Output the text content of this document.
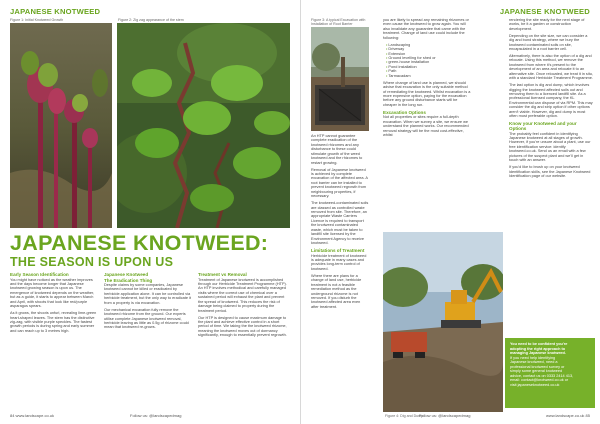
JAPANESE KNOTWEED
Figure 1: Initial Knotweed Growth	Figure 2: Zig zag appearance of the stem
JAPANESE KNOTWEED:
THE SEASON IS UPON US
Early Season Identification

You might have noticed as the weather improves and the days become longer that Japanese knotweed growing season is upon us. The emergence of knotweed depends on the weather, but as a guide, it starts to appear between March and April, with shoots that look like red/purple asparagus spears.

As it grows, the shoots unfurl, revealing lime-green heart-shaped leaves. The stem has the distinctive zig-zag, with visible purple speckles. The fastest growth periods is during spring and early summer and can reach up to 3 metres high.

Japanese Knotweed
The Eradication Thing

Despite claims by some companies, Japanese knotweed cannot be killed or eradicated by herbicide application alone. It can be controlled via herbicide treatment, but the only way to eradicate it from a property is via excavation.

Our mechanical excavation fully remove the knotweed rhizome from the ground. Our experts utilise complete Japanese knotweed removal, herbicide leaving as little as 0.5g of rhizome could mean that knotweed re-grows.

Treatment vs Removal

Treatment of Japanese knotweed is accomplished through our Herbicide Treatment Programme (HTP). An HTP involves methodical and carefully managed visits where the correct use of chemical over a sustained period will exhaust the plant and prevent the spread of knotweed. This reduces the risk of damage being claimed to property during the treatment period.

Our HTP is designed to cause maximum damage to the plant and achieve effective control in a short period of time. We taking the the knotweed rhizome, meaning the knotweed moves out of dormancy significantly, enough to essentially prevent regrowth.

84 www.landscape.co.uk	Follow us: @landscapedmag
JAPANESE KNOTWEED
Figure 3: A typical Excavation with Installation of Root Barrier

An HTP cannot guarantee complete eradication of the knotweed rhizomes and any disturbance to these could stimulate growth of the weed knotweed and the rhizomes to restart growing.

Removal of Japanese knotweed is achieved by complete excavation of the affected area. A root barrier can be installed to prevent knotweed regrowth from neighbouring properties, if necessary.

The knotweed-contaminated soils are classed as controlled waste removed from site. Therefore, an appropriate Waste Carriers Licence is required to transport the knotweed contaminated waste, which must be taken to landfill site licensed by the Environment Agency to receive knotweed.

Limitations of Treatment

Herbicide treatment of knotweed is adequate in many cases and provides long-term control of knotweed.

Where there are plans for a change of land use, herbicide treatment is not a feasible remediation method as the underground rhizome is not removed. If you disturb the knotweed affected area even after treatment.

you are likely to spread any remaining rhizomes or even cause the knotweed to grow again. You will also invalidate any guarantee that came with the treatment. Change of land use could include the following:

• Landscaping
• Driveway
• Extension
• Ground levelling for shed or
• green-house installation
• Pond installation
• Path
• Tarmacadam

Where change of land use is planned, we should advise that excavation is the only suitable method of remediating the knotweed. Whilst excavation is a more expensive option, paying for the excavation before any ground disturbance starts will be cheaper in the long run.

Excavation Options

Not all properties or sites require a full-depth excavation. When we survey a site, we ensure we understand the planned works. Our recommended removal strategy will be the most cost-effective, whilst

Figure 4: Dig and Dump

rendering the site ready for the next stage of works, be it a garden or construction development.

Depending on the site size, we can consider a dig and bund strategy, where we bury the knotweed contaminated soils on site, encapsulated in a root barrier cell.

Alternatively, there is also the option of a dig and relocate. Using this method, we remove the knotweed from where it's present to the development of an area and relocate it to an alternative site. Once relocated, we treat it in situ, with a standard Herbicide Treatment Programme.

The last option is dig and dump, which involves digging the knotweed affected soils out and removing them to a licenced landfill site. As a professional licensed company, the KL Environmental can dispose of via RPM. This may consider the dig and strip option if other options aren't viable. However, dig and dump is most often most preferable option.

Know your Knotweed and your Options

The probably feel confident in identifying Japanese knotweed at all stages of growth. However, if you're unsure about a plant, use our free identification service: identify knotweed.co.uk. Send us an email with a few pictures of the suspect plant and we'll get in touch with an answer.

If you'd like to brush up on your knotweed identification skills, see the Japanese Knotweed Identification page of our website.

You need to be confident you're

adopting the right approach to

managing Japanese knotweed.

If you need help identifying

Japanese knotweed, need a

professional knotweed survey or

simply some general knotweed

advice, contact us on 0333 2414 413,

email: contact@knotweed.co.uk or

visit japaneseknotweed.co.uk

Follow us: @landscapedmag	www.landscape.co.uk 85
